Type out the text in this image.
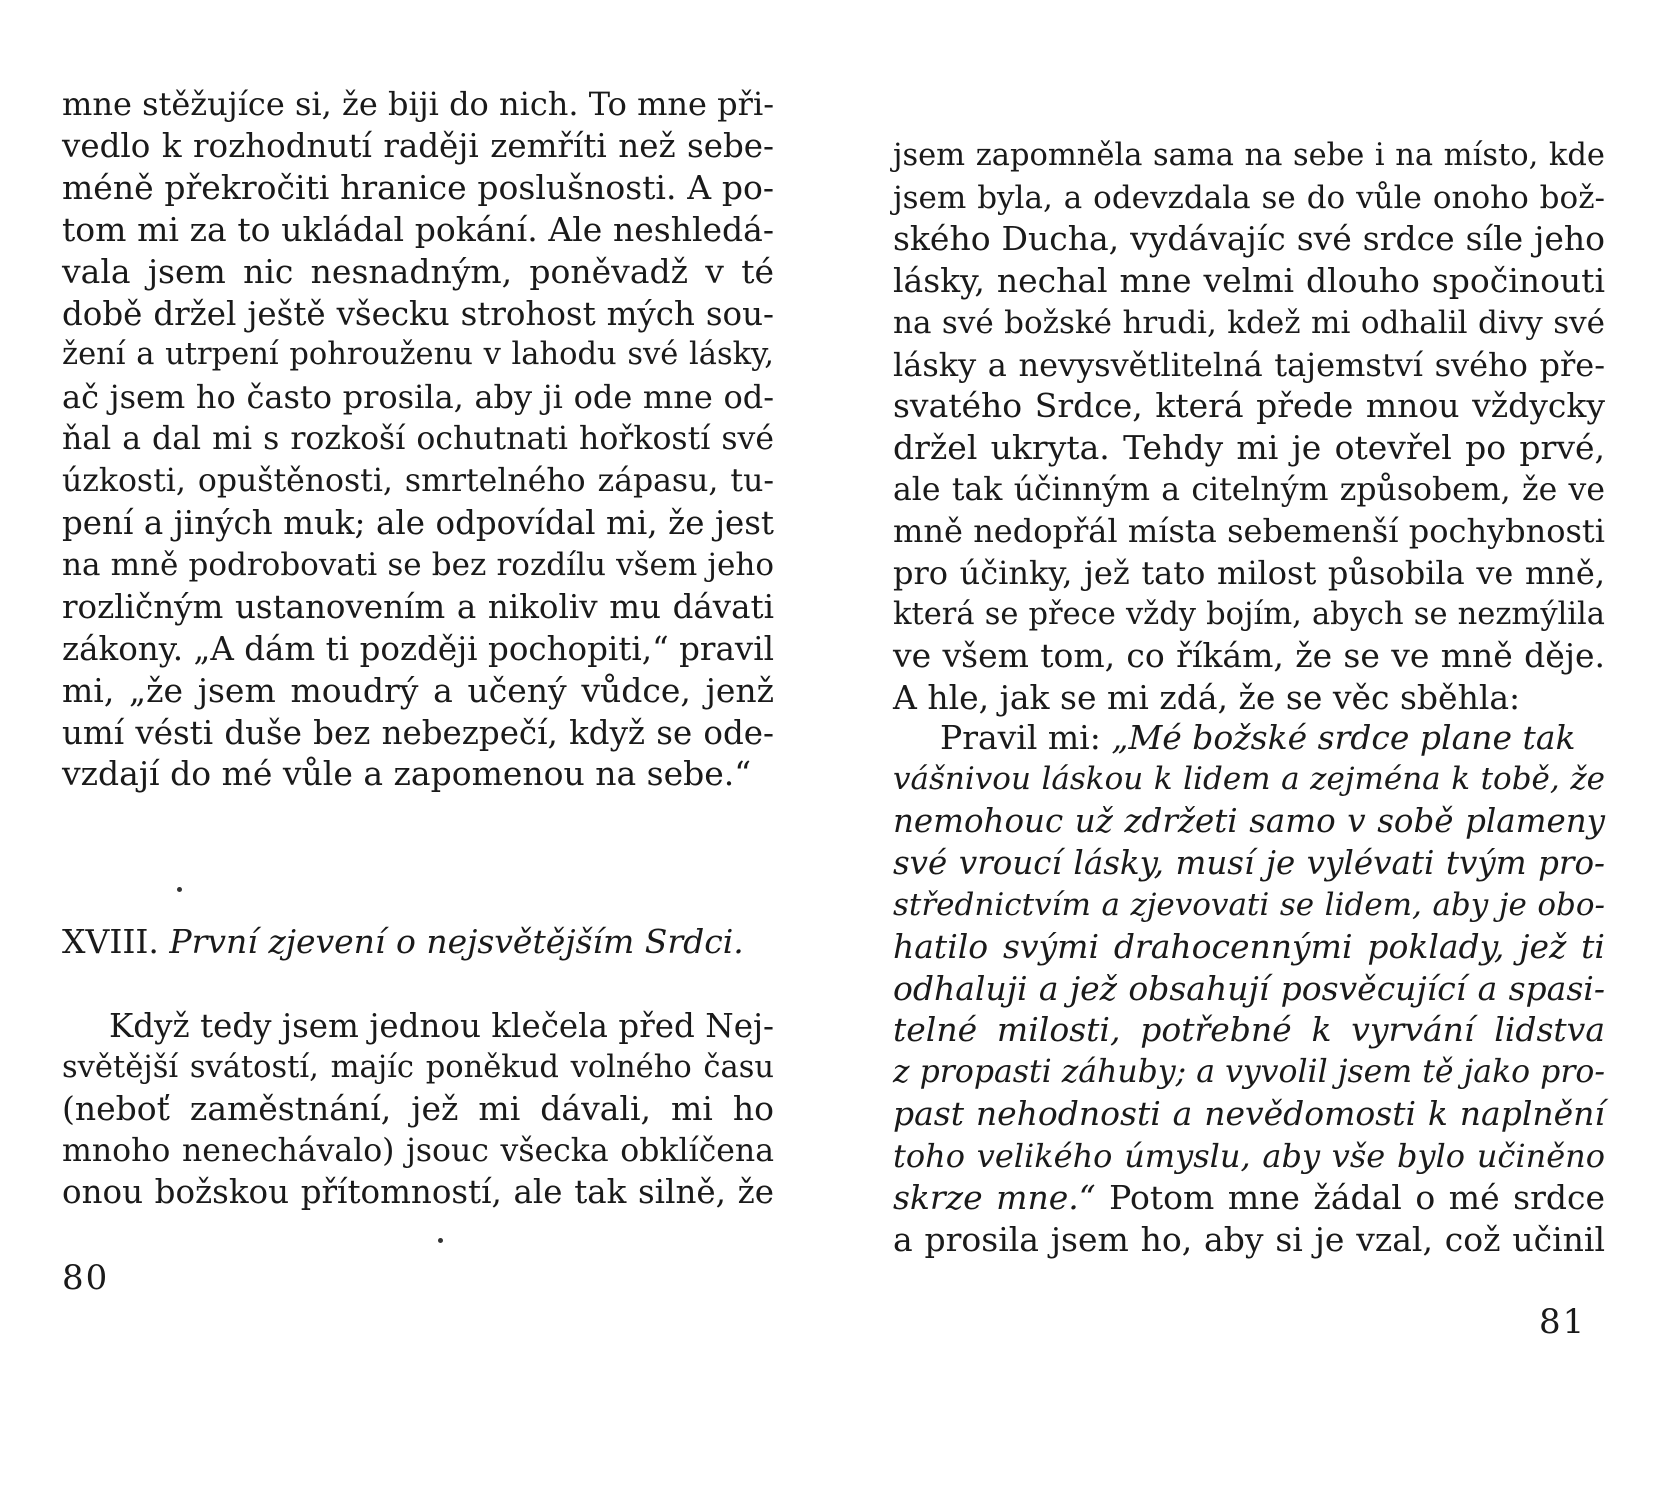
mne stěžujíce si, že biji do nich. To mne při-
vedlo k rozhodnutí raději zemříti než sebe-
méně překročiti hranice poslušnosti. A po-
tom mi za to ukládal pokání. Ale neshledá-
vala jsem nic nesnadným, poněvadž v té
době držel ještě všecku strohost mých sou-
žení a utrpení pohrouženu v lahodu své lásky,
ač jsem ho často prosila, aby ji ode mne od-
ňal a dal mi s rozkoší ochutnati hořkostí své
úzkosti, opuštěnosti, smrtelného zápasu, tu-
pení a jiných muk; ale odpovídal mi, že jest
na mně podrobovati se bez rozdílu všem jeho
rozličným ustanovením a nikoliv mu dávati
zákony. „A dám ti později pochopiti,“ pravil
mi, „že jsem moudrý a učený vůdce, jenž
umí vésti duše bez nebezpečí, když se ode-
vzdají do mé vůle a zapomenou na sebe.“
XVIII. První zjevení o nejsvětějším Srdci.
Když tedy jsem jednou klečela před Nej-
světější svátostí, majíc poněkud volného času
(neboť zaměstnání, jež mi dávali, mi ho
mnoho nenechávalo) jsouc všecka obklíčena
onou božskou přítomností, ale tak silně, že
80
jsem zapomněla sama na sebe i na místo, kde
jsem byla, a odevzdala se do vůle onoho bož-
ského Ducha, vydávajíc své srdce síle jeho
lásky, nechal mne velmi dlouho spočinouti
na své božské hrudi, kdež mi odhalil divy své
lásky a nevysvětlitelná tajemství svého pře-
svatého Srdce, která přede mnou vždycky
držel ukryta. Tehdy mi je otevřel po prvé,
ale tak účinným a citelným způsobem, že ve
mně nedopřál místa sebemenší pochybnosti
pro účinky, jež tato milost působila ve mně,
která se přece vždy bojím, abych se nezmýlila
ve všem tom, co říkám, že se ve mně děje.
A hle, jak se mi zdá, že se věc sběhla:
Pravil mi: „Mé božské srdce plane tak
vášnivou láskou k lidem a zejména k tobě, že
nemohouc už zdržeti samo v sobě plameny
své vroucí lásky, musí je vylévati tvým pro-
střednictvím a zjevovati se lidem, aby je obo-
hatilo svými drahocennými poklady, jež ti
odhaluji a jež obsahují posvěcující a spasi-
telné milosti, potřebné k vyrvání lidstva
z propasti záhuby; a vyvolil jsem tě jako pro-
past nehodnosti a nevědomosti k naplnění
toho velikého úmyslu, aby vše bylo učiněno
skrze mne.“ Potom mne žádal o mé srdce
a prosila jsem ho, aby si je vzal, což učinil
81
